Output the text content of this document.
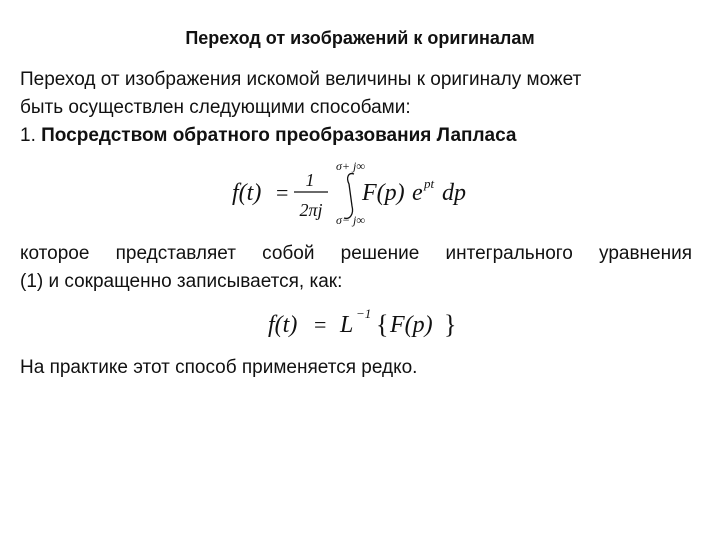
Переход от изображений к оригиналам
Переход от изображения искомой величины к оригиналу может
быть осуществлен следующими способами:
1. Посредством обратного преобразования Лапласа
f(t) = 1
2πj
σ+ j∞
σ− j∞
F(p) e pt dp
которое представляет собой решение интегрального уравнения
(1) и сокращенно записывается, как:
f(t) = L −1 { F(p) }
На практике этот способ применяется редко.
